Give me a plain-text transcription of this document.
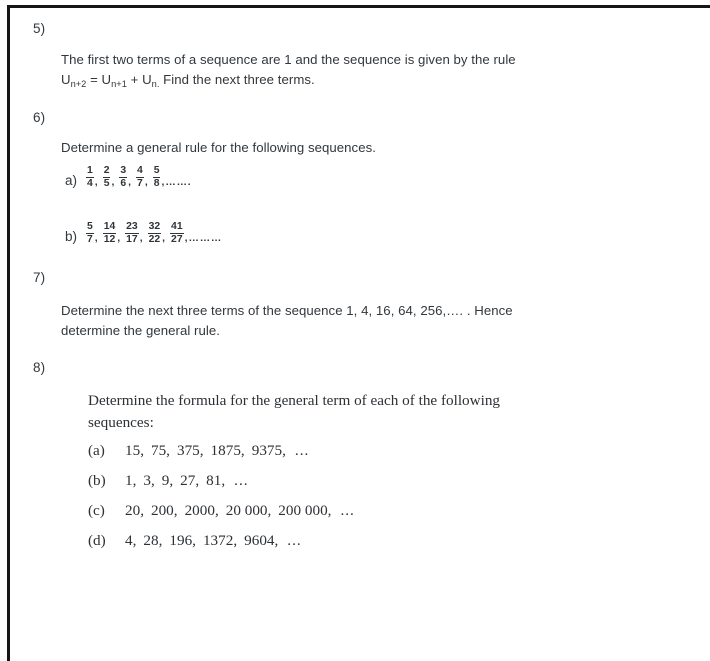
5)
The first two terms of a sequence are 1 and the sequence is given by the rule
$U_{n+2} = U_{n+1} + U_{n.}$ Find the next three terms.
6)
Determine a general rule for the following sequences.
$a) \frac{1}{4}$ , $\frac{2}{5}$ , $\frac{3}{6}$ , $\frac{4}{7}$ , $\frac{5}{8}$ , …….
$b) \frac{5}{7}$ , $\frac{14}{12}$ , $\frac{23}{17}$ , $\frac{32}{22}$ , $\frac{41}{27}$ , ………
7)
Determine the next three terms of the sequence 1, 4, 16, 64, 256,…. . Hence
determine the general rule.
8)
Determine the formula for the general term of each of the following
sequences:
(a) 15, 75, 375, 1875, 9375, ...
(b) 1, 3, 9, 27, 81, ...
(c) 20, 200, 2000, 20 000, 200 000, ...
(d) 4, 28, 196, 1372, 9604, ...
